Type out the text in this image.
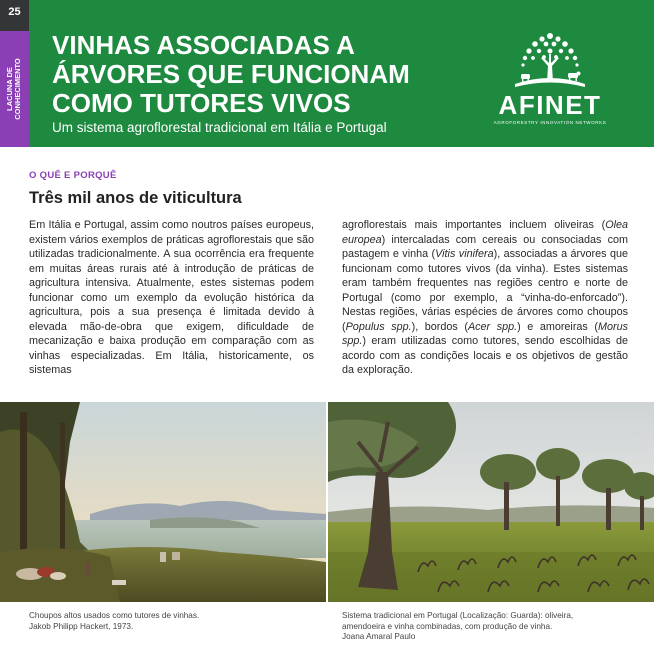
25
LACUNA DE CONHECIMENTO
VINHAS ASSOCIADAS A
ÁRVORES QUE FUNCIONAM
COMO TUTORES VIVOS
Um sistema agroflorestal tradicional em Itália e Portugal
AFINET
AGROFORESTRY INNOVATION NETWORKS
O QUÊ E PORQUÊ
Três mil anos de viticultura

Em Itália e Portugal, assim como noutros países europeus, existem vários exemplos de práticas agroflorestais que são utilizadas tradicionalmente. A sua ocorrência era frequente em muitas áreas rurais até à introdução de práticas de agricultura intensiva. Atualmente, estes sistemas podem funcionar como um exemplo da evolução histórica da agricultura, pois a sua presença é limitada devido à elevada mão-de-obra que exigem, dificuldade de mecanização e baixa produção em comparação com as vinhas especializadas. Em Itália, historicamente, os sistemas

agroflorestais mais importantes incluem oliveiras (Olea europea) intercaladas com cereais ou consociadas com pastagem e vinha (Vitis vinifera), associadas a árvores que funcionam como tutores vivos (da vinha). Estes sistemas eram também frequentes nas regiões centro e norte de Portugal (como por exemplo, a “vinha-do-enforcado”). Nestas regiões, várias espécies de árvores como choupos (Populus spp.), bordos (Acer spp.) e amoreiras (Morus spp.) eram utilizadas como tutores, sendo escolhidas de acordo com as condições locais e os objetivos de gestão da exploração.

Choupos altos usados como tutores de vinhas.
Jakob Philipp Hackert, 1973.
Sistema tradicional em Portugal (Localização: Guarda): oliveira,
amendoeira e vinha combinadas, com produção de vinha.
Joana Amaral Paulo
